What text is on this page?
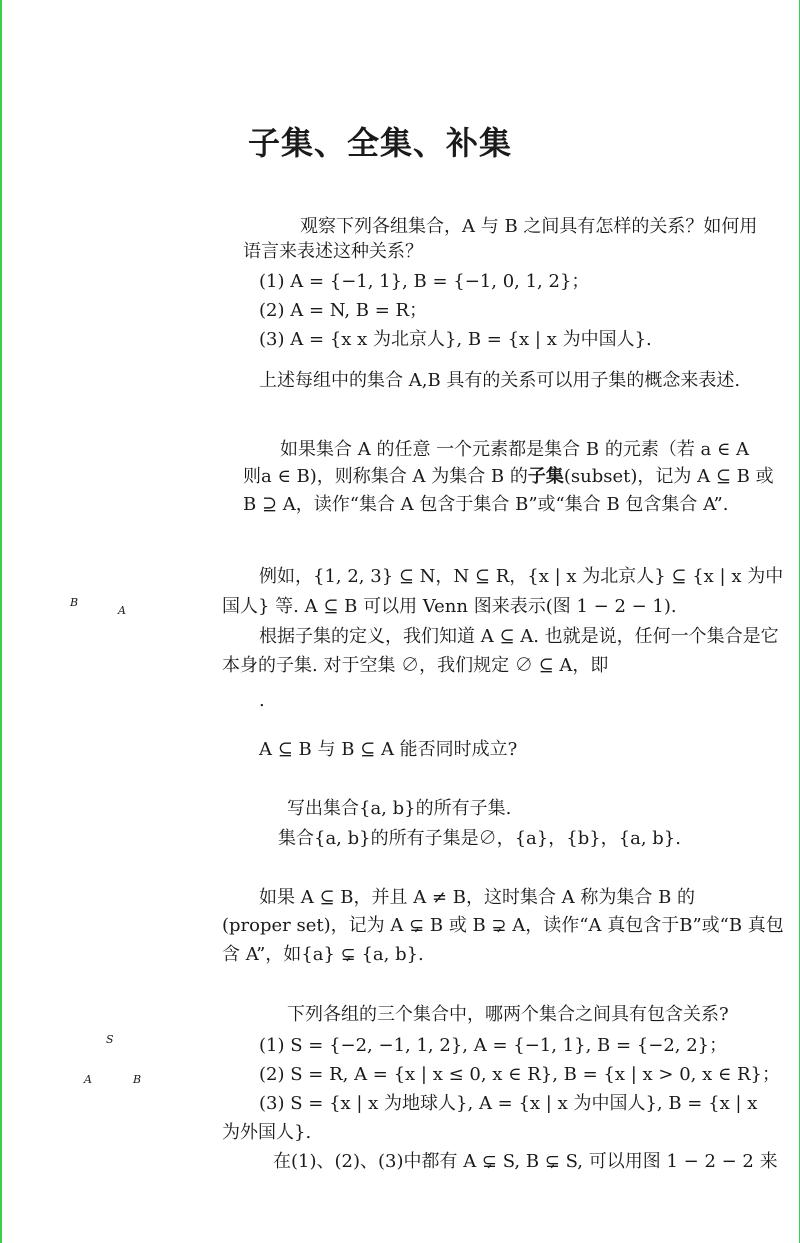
子集、全集、补集
观察下列各组集合，A 与 B 之间具有怎样的关系？如何用
语言来表述这种关系？
(1) A = {−1, 1}, B = {−1, 0, 1, 2}；
(2) A = N, B = R；
(3) A = {x x 为北京人}, B = {x | x 为中国人}.
上述每组中的集合 A,B 具有的关系可以用子集的概念来表述.
如果集合 A 的任意 一个元素都是集合 B 的元素（若 a ∈ A
则a ∈ B)，则称集合 A 为集合 B 的子集(subset)，记为 A ⊆ B 或
B ⊇ A，读作“集合 A 包含于集合 B”或“集合 B 包含集合 A”.
B
A
例如，{1, 2, 3} ⊆ N，N ⊆ R，{x | x 为北京人} ⊆ {x | x 为中
国人} 等. A ⊆ B 可以用 Venn 图来表示(图 1 − 2 − 1).
根据子集的定义，我们知道 A ⊆ A. 也就是说，任何一个集合是它
本身的子集. 对于空集 ∅，我们规定 ∅ ⊆ A，即
.
A ⊆ B 与 B ⊆ A 能否同时成立?
写出集合{a, b}的所有子集.
集合{a, b}的所有子集是∅，{a}，{b}，{a, b}.
如果 A ⊆ B，并且 A ≠ B，这时集合 A 称为集合 B 的
(proper set)，记为 A ⊊ B 或 B ⊋ A，读作“A 真包含于B”或“B 真包
含 A”，如{a} ⊊ {a, b}.
S
A	B
下列各组的三个集合中，哪两个集合之间具有包含关系?
(1) S = {−2, −1, 1, 2}, A = {−1, 1}, B = {−2, 2}；
(2) S = R, A = {x | x ≤ 0, x ∈ R}, B = {x | x > 0, x ∈ R}；
(3) S = {x | x 为地球人}, A = {x | x 为中国人}, B = {x | x
为外国人}.
在(1)、(2)、(3)中都有 A ⊊ S, B ⊊ S, 可以用图 1 − 2 − 2 来
